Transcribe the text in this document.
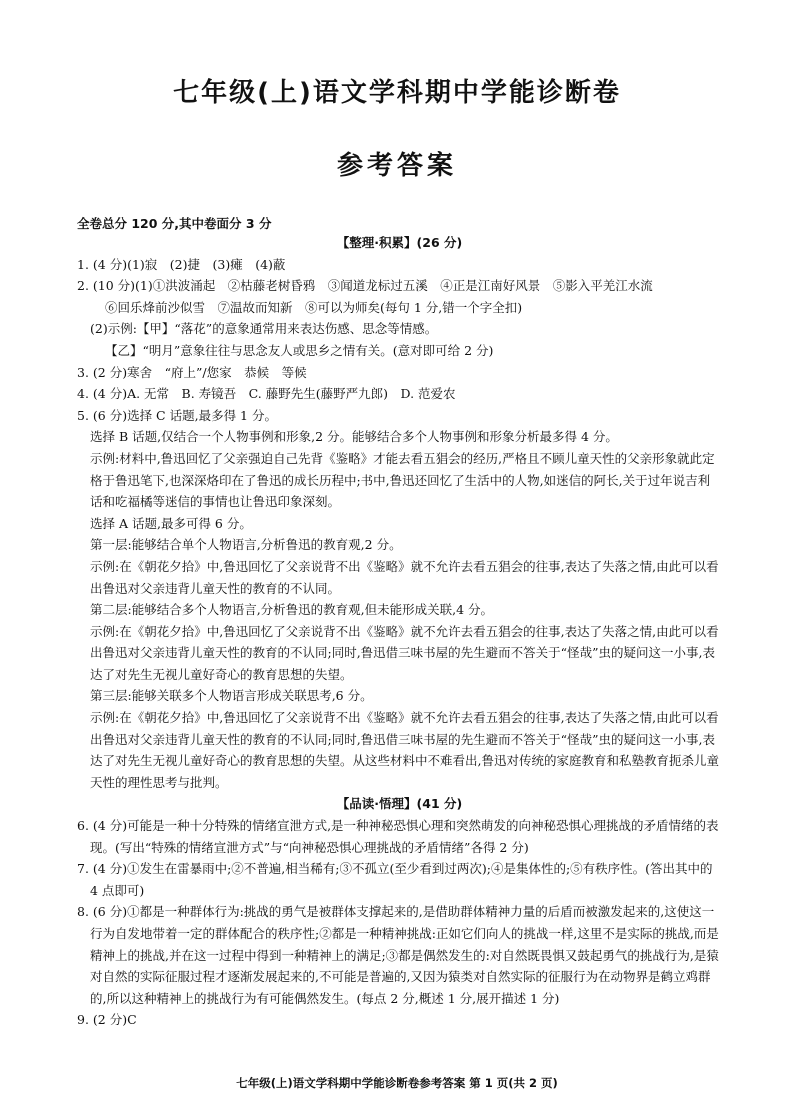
七年级(上)语文学科期中学能诊断卷
参考答案
全卷总分 120 分,其中卷面分 3 分
【整理·积累】(26 分)
1. (4 分)(1)寂　(2)捷　(3)瘫　(4)蔽
2. (10 分)(1)①洪波涌起　②枯藤老树昏鸦　③闻道龙标过五溪　④正是江南好风景　⑤影入平羌江水流
⑥回乐烽前沙似雪　⑦温故而知新　⑧可以为师矣(每句 1 分,错一个字全扣)
(2)示例:【甲】“落花”的意象通常用来表达伤感、思念等情感。
【乙】“明月”意象往往与思念友人或思乡之情有关。(意对即可给 2 分)
3. (2 分)寒舍　“府上”/您家　恭候　等候
4. (4 分)A. 无常　B. 寿镜吾　C. 藤野先生(藤野严九郎)　D. 范爱农
5. (6 分)选择 C 话题,最多得 1 分。
选择 B 话题,仅结合一个人物事例和形象,2 分。能够结合多个人物事例和形象分析最多得 4 分。
示例:材料中,鲁迅回忆了父亲强迫自己先背《鉴略》才能去看五猖会的经历,严格且不顾儿童天性的父亲形象就此定格于鲁迅笔下,也深深烙印在了鲁迅的成长历程中;书中,鲁迅还回忆了生活中的人物,如迷信的阿长,关于过年说吉利话和吃福橘等迷信的事情也让鲁迅印象深刻。
选择 A 话题,最多可得 6 分。
第一层:能够结合单个人物语言,分析鲁迅的教育观,2 分。
示例:在《朝花夕拾》中,鲁迅回忆了父亲说背不出《鉴略》就不允许去看五猖会的往事,表达了失落之情,由此可以看出鲁迅对父亲违背儿童天性的教育的不认同。
第二层:能够结合多个人物语言,分析鲁迅的教育观,但未能形成关联,4 分。
示例:在《朝花夕拾》中,鲁迅回忆了父亲说背不出《鉴略》就不允许去看五猖会的往事,表达了失落之情,由此可以看出鲁迅对父亲违背儿童天性的教育的不认同;同时,鲁迅借三味书屋的先生避而不答关于“怪哉”虫的疑问这一小事,表达了对先生无视儿童好奇心的教育思想的失望。
第三层:能够关联多个人物语言形成关联思考,6 分。
示例:在《朝花夕拾》中,鲁迅回忆了父亲说背不出《鉴略》就不允许去看五猖会的往事,表达了失落之情,由此可以看出鲁迅对父亲违背儿童天性的教育的不认同;同时,鲁迅借三味书屋的先生避而不答关于“怪哉”虫的疑问这一小事,表达了对先生无视儿童好奇心的教育思想的失望。从这些材料中不难看出,鲁迅对传统的家庭教育和私塾教育扼杀儿童天性的理性思考与批判。
【品读·悟理】(41 分)
6. (4 分)可能是一种十分特殊的情绪宣泄方式,是一种神秘恐惧心理和突然萌发的向神秘恐惧心理挑战的矛盾情绪的表现。(写出“特殊的情绪宣泄方式”与“向神秘恐惧心理挑战的矛盾情绪”各得 2 分)
7. (4 分)①发生在雷暴雨中;②不普遍,相当稀有;③不孤立(至少看到过两次);④是集体性的;⑤有秩序性。(答出其中的 4 点即可)
8. (6 分)①都是一种群体行为:挑战的勇气是被群体支撑起来的,是借助群体精神力量的后盾而被激发起来的,这使这一行为自发地带着一定的群体配合的秩序性;②都是一种精神挑战:正如它们向人的挑战一样,这里不是实际的挑战,而是精神上的挑战,并在这一过程中得到一种精神上的满足;③都是偶然发生的:对自然既畏惧又鼓起勇气的挑战行为,是猿对自然的实际征服过程才逐渐发展起来的,不可能是普遍的,又因为猿类对自然实际的征服行为在动物界是鹤立鸡群的,所以这种精神上的挑战行为有可能偶然发生。(每点 2 分,概述 1 分,展开描述 1 分)
9. (2 分)C
七年级(上)语文学科期中学能诊断卷参考答案 第 1 页(共 2 页)
